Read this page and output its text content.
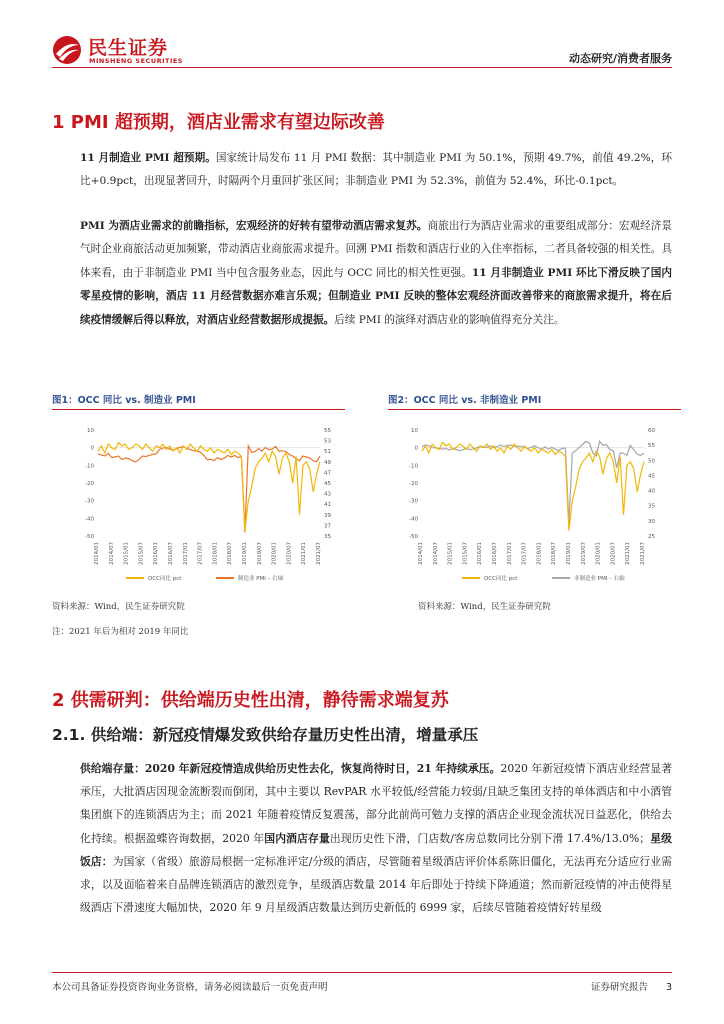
民生证券
MINSHENG SECURITIES	动态研究/消费者服务
1 PMI 超预期，酒店业需求有望边际改善
11 月制造业 PMI 超预期。国家统计局发布 11 月 PMI 数据：其中制造业 PMI 为 50.1%，预期 49.7%，前值 49.2%，环比+0.9pct，出现显著回升，时隔两个月重回扩张区间；非制造业 PMI 为 52.3%，前值为 52.4%，环比-0.1pct。
PMI 为酒店业需求的前瞻指标，宏观经济的好转有望带动酒店需求复苏。商旅出行为酒店业需求的重要组成部分：宏观经济景气时企业商旅活动更加频繁，带动酒店业商旅需求提升。回溯 PMI 指数和酒店行业的入住率指标，二者具备较强的相关性。具体来看，由于非制造业 PMI 当中包含服务业态，因此与 OCC 同比的相关性更强。11 月非制造业 PMI 环比下滑反映了国内零星疫情的影响，酒店 11 月经营数据亦难言乐观；但制造业 PMI 反映的整体宏观经济面改善带来的商旅需求提升，将在后续疫情缓解后得以释放，对酒店业经营数据形成提振。后续 PMI 的演绎对酒店业的影响值得充分关注。
图1：OCC 同比 vs. 制造业 PMI	图2：OCC 同比 vs. 非制造业 PMI
10
0
-10
-20
-30
-40
-50
55
53
51
49
47
45
43
41
39
37
35
2014/01 2014/07 2015/01 2015/07 2016/01 2016/07 2017/01 2017/07 2018/01 2018/07 2019/01 2019/07 2020/01 2020/07 2021/01 2021/07
OCC同比 pct	制造业 PMI – 右轴
10
0
-10
-20
-30
-40
-50
60
55
50
45
40
35
30
25
2014/01 2014/07 2015/01 2015/07 2016/01 2016/07 2017/01 2017/07 2018/01 2018/07 2019/01 2019/07 2020/01 2020/07 2021/01 2021/07
OCC同比 pct	非制造业 PMI – 右轴
资料来源：Wind，民生证券研究院	资料来源：Wind，民生证券研究院
注：2021 年后为相对 2019 年同比
2 供需研判：供给端历史性出清，静待需求端复苏
2.1. 供给端：新冠疫情爆发致供给存量历史性出清，增量承压
供给端存量：2020 年新冠疫情造成供给历史性去化，恢复尚待时日，21 年持续承压。2020 年新冠疫情下酒店业经营显著承压，大批酒店因现金流断裂而倒闭，其中主要以 RevPAR 水平较低/经营能力较弱/且缺乏集团支持的单体酒店和中小酒管集团旗下的连锁酒店为主；而 2021 年随着疫情反复震荡，部分此前尚可勉力支撑的酒店企业现金流状况日益恶化，供给去化持续。根据盈蝶咨询数据，2020 年国内酒店存量出现历史性下滑，门店数/客房总数同比分别下滑 17.4%/13.0%；星级饭店：为国家（省级）旅游局根据一定标准评定/分级的酒店，尽管随着星级酒店评价体系陈旧僵化，无法再充分适应行业需求，以及面临着来自品牌连锁酒店的激烈竞争，星级酒店数量 2014 年后即处于持续下降通道；然而新冠疫情的冲击使得星级酒店下滑速度大幅加快，2020 年 9 月星级酒店数量达到历史新低的 6999 家，后续尽管随着疫情好转星级
本公司具备证券投资咨询业务资格，请务必阅读最后一页免责声明	证券研究报告 3
